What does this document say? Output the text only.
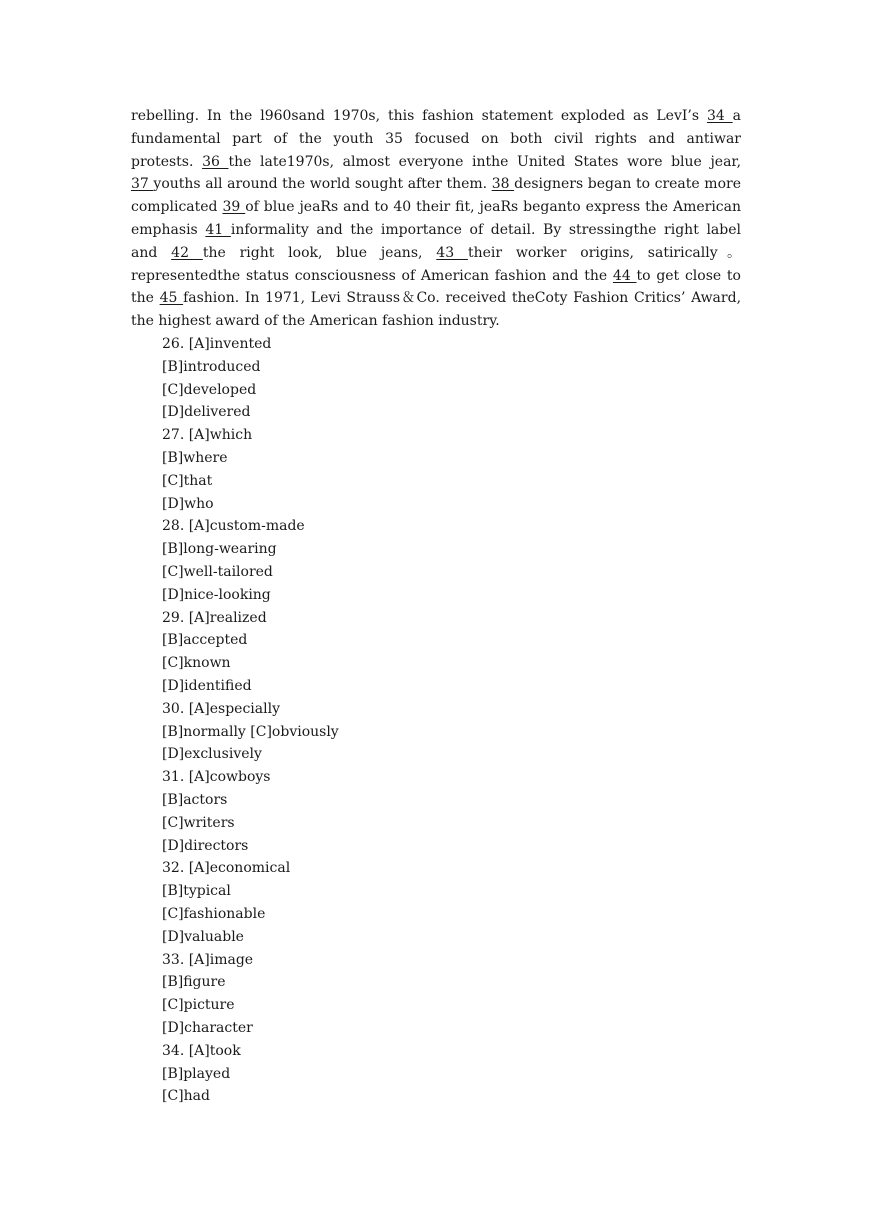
rebelling. In the l960sand 1970s, this fashion statement exploded as LevI’s 34 a
fundamental part of the youth 35 focused on both civil rights and antiwar
protests. 36 the late1970s, almost everyone inthe United States wore blue jear,
37 youths all around the world sought after them. 38 designers began to create more
complicated 39 of blue jeaRs and to 40 their fit, jeaRs beganto express the American
emphasis 41 informality and the importance of detail. By stressingthe right label
and 42 the right look, blue jeans, 43 their worker origins, satirically。
representedthe status consciousness of American fashion and the 44 to get close to
the 45 fashion. In 1971, Levi Strauss＆Co. received theCoty Fashion Critics’ Award,
the highest award of the American fashion industry.
26. [A]invented
[B]introduced
[C]developed
[D]delivered
27. [A]which
[B]where
[C]that
[D]who
28. [A]custom-made
[B]long-wearing
[C]well-tailored
[D]nice-looking
29. [A]realized
[B]accepted
[C]known
[D]identified
30. [A]especially
[B]normally [C]obviously
[D]exclusively
31. [A]cowboys
[B]actors
[C]writers
[D]directors
32. [A]economical
[B]typical
[C]fashionable
[D]valuable
33. [A]image
[B]figure
[C]picture
[D]character
34. [A]took
[B]played
[C]had
